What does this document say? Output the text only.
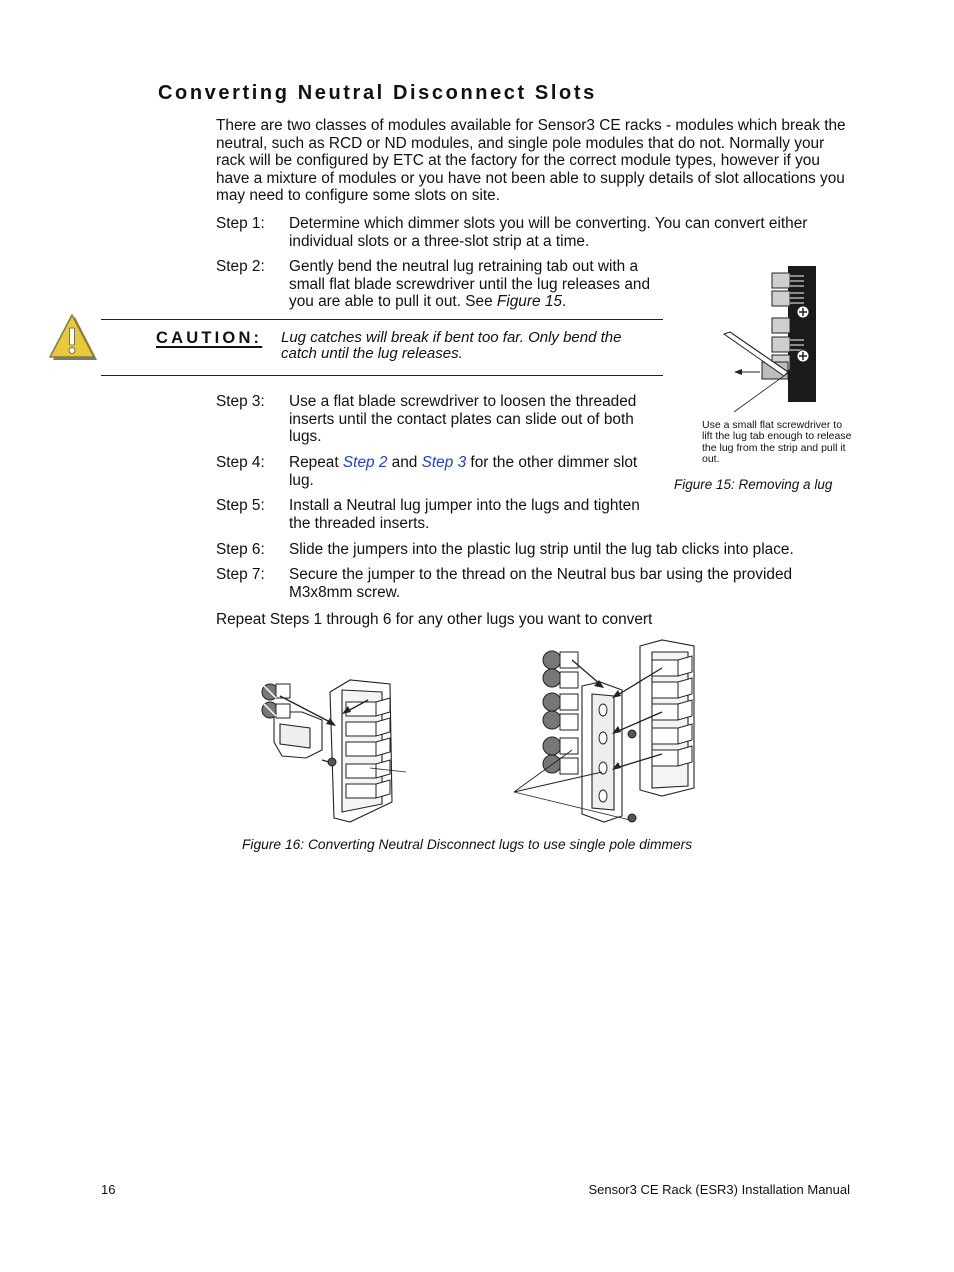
Converting Neutral Disconnect Slots
There are two classes of modules available for Sensor3 CE racks - modules which break the neutral, such as RCD or ND modules, and single pole modules that do not. Normally your rack will be configured by ETC at the factory for the correct module types, however if you have a mixture of modules or you have not been able to supply details of slot allocations you may need to configure some slots on site.
Step 1: Determine which dimmer slots you will be converting. You can convert either individual slots or a three-slot strip at a time.
Step 2: Gently bend the neutral lug retraining tab out with a small flat blade screwdriver until the lug releases and you are able to pull it out. See Figure 15.
CAUTION: Lug catches will break if bent too far. Only bend the catch until the lug releases.
Use a small flat screwdriver to lift the lug tab enough to release the lug from the strip and pull it out.
Figure 15: Removing a lug
Step 3: Use a flat blade screwdriver to loosen the threaded inserts until the contact plates can slide out of both lugs.
Step 4: Repeat Step 2 and Step 3 for the other dimmer slot lug.
Step 5: Install a Neutral lug jumper into the lugs and tighten the threaded inserts.
Step 6: Slide the jumpers into the plastic lug strip until the lug tab clicks into place.
Step 7: Secure the jumper to the thread on the Neutral bus bar using the provided M3x8mm screw.
Repeat Steps 1 through 6 for any other lugs you want to convert
Figure 16: Converting Neutral Disconnect lugs to use single pole dimmers
16	Sensor3 CE Rack (ESR3) Installation Manual
